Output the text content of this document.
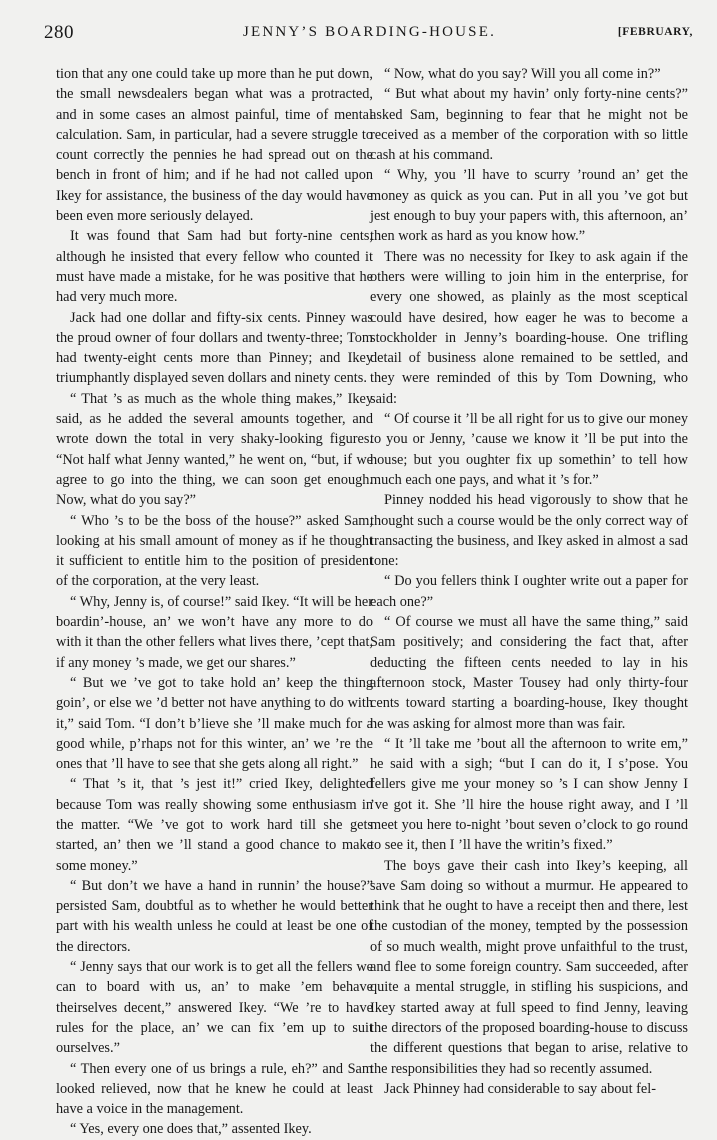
280	JENNY’S BOARDING-HOUSE.	[FEBRUARY,

tion that any one could take up more than he put down, the small newsdealers began what was a protracted, and in some cases an almost painful, time of mental calculation. Sam, in particular, had a severe struggle to count correctly the pennies he had spread out on the bench in front of him; and if he had not called upon Ikey for assistance, the business of the day would have been even more seriously delayed.

It was found that Sam had but forty-nine cents, although he insisted that every fellow who counted it must have made a mistake, for he was positive that he had very much more.

Jack had one dollar and fifty-six cents. Pinney was the proud owner of four dollars and twenty-three; Tom had twenty-eight cents more than Pinney; and Ikey triumphantly displayed seven dollars and ninety cents.

“ That ’s as much as the whole thing makes,” Ikey said, as he added the several amounts together, and wrote down the total in very shaky-looking figures. “Not half what Jenny wanted,” he went on, “but, if we agree to go into the thing, we can soon get enough. Now, what do you say?”

“ Who ’s to be the boss of the house?” asked Sam, looking at his small amount of money as if he thought it sufficient to entitle him to the position of president of the corporation, at the very least.

“ Why, Jenny is, of course!” said Ikey. “It will be her boardin’-house, an’ we won’t have any more to do with it than the other fellers what lives there, ’cept that, if any money ’s made, we get our shares.”

“ But we ’ve got to take hold an’ keep the thing goin’, or else we ’d better not have anything to do with it,” said Tom. “I don’t b’lieve she ’ll make much for a good while, p’rhaps not for this winter, an’ we ’re the ones that ’ll have to see that she gets along all right.”

“ That ’s it, that ’s jest it!” cried Ikey, delighted because Tom was really showing some enthusiasm in the matter. “We ’ve got to work hard till she gets started, an’ then we ’ll stand a good chance to make some money.”

“ But don’t we have a hand in runnin’ the house?” persisted Sam, doubtful as to whether he would better part with his wealth unless he could at least be one of the directors.

“ Jenny says that our work is to get all the fellers we can to board with us, an’ to make ’em behave theirselves decent,” answered Ikey. “We ’re to have rules for the place, an’ we can fix ’em up to suit ourselves.”

“ Then every one of us brings a rule, eh?” and Sam looked relieved, now that he knew he could at least have a voice in the management.

“ Yes, every one does that,” assented Ikey.

“ Now, what do you say? Will you all come in?”

“ But what about my havin’ only forty-nine cents?” asked Sam, beginning to fear that he might not be received as a member of the corporation with so little cash at his command.

“ Why, you ’ll have to scurry ’round an’ get the money as quick as you can. Put in all you ’ve got but jest enough to buy your papers with, this afternoon, an’ then work as hard as you know how.”

There was no necessity for Ikey to ask again if the others were willing to join him in the enterprise, for every one showed, as plainly as the most sceptical could have desired, how eager he was to become a stockholder in Jenny’s boarding-house. One trifling detail of business alone remained to be settled, and they were reminded of this by Tom Downing, who said:

“ Of course it ’ll be all right for us to give our money to you or Jenny, ’cause we know it ’ll be put into the house; but you oughter fix up somethin’ to tell how much each one pays, and what it ’s for.”

Pinney nodded his head vigorously to show that he thought such a course would be the only correct way of transacting the business, and Ikey asked in almost a sad tone:

“ Do you fellers think I oughter write out a paper for each one?”

“ Of course we must all have the same thing,” said Sam positively; and considering the fact that, after deducting the fifteen cents needed to lay in his afternoon stock, Master Tousey had only thirty-four cents toward starting a boarding-house, Ikey thought he was asking for almost more than was fair.

“ It ’ll take me ’bout all the afternoon to write em,” he said with a sigh; “but I can do it, I s’pose. You fellers give me your money so ’s I can show Jenny I ’ve got it. She ’ll hire the house right away, and I ’ll meet you here to-night ’bout seven o’clock to go round to see it, then I ’ll have the writin’s fixed.”

The boys gave their cash into Ikey’s keeping, all save Sam doing so without a murmur. He appeared to think that he ought to have a receipt then and there, lest the custodian of the money, tempted by the possession of so much wealth, might prove unfaithful to the trust, and flee to some foreign country. Sam succeeded, after quite a mental struggle, in stifling his suspicions, and Ikey started away at full speed to find Jenny, leaving the directors of the proposed boarding-house to discuss the different questions that began to arise, relative to the responsibilities they had so recently assumed.

Jack Phinney had considerable to say about fel-
